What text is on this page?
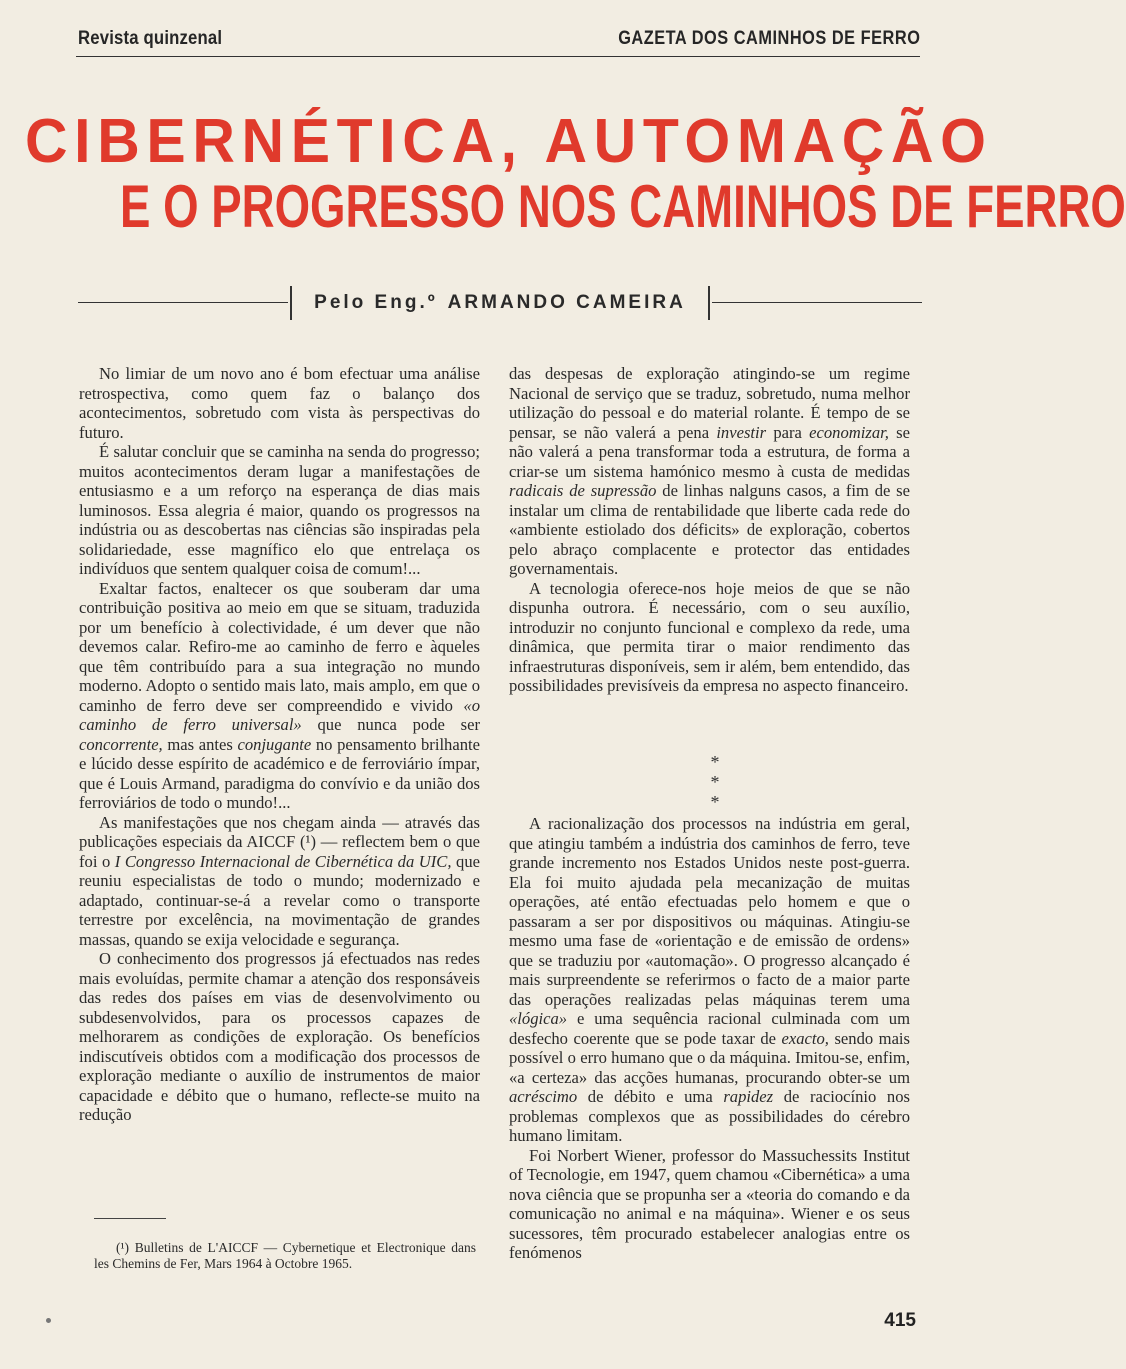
Revista quinzenal	GAZETA DOS CAMINHOS DE FERRO
CIBERNÉTICA, AUTOMAÇÃO
E O PROGRESSO NOS CAMINHOS DE FERRO
Pelo Eng.º ARMANDO CAMEIRA

No limiar de um novo ano é bom efectuar uma análise retrospectiva, como quem faz o balanço dos acontecimentos, sobretudo com vista às perspectivas do futuro.

É salutar concluir que se caminha na senda do progresso; muitos acontecimentos deram lugar a manifestações de entusiasmo e a um reforço na esperança de dias mais luminosos. Essa alegria é maior, quando os progressos na indústria ou as descobertas nas ciências são inspiradas pela solidariedade, esse magnífico elo que entrelaça os indivíduos que sentem qualquer coisa de comum!...

Exaltar factos, enaltecer os que souberam dar uma contribuição positiva ao meio em que se situam, traduzida por um benefício à colectividade, é um dever que não devemos calar. Refiro-me ao caminho de ferro e àqueles que têm contribuído para a sua integração no mundo moderno. Adopto o sentido mais lato, mais amplo, em que o caminho de ferro deve ser compreendido e vivido «o caminho de ferro universal» que nunca pode ser concorrente, mas antes conjugante no pensamento brilhante e lúcido desse espírito de académico e de ferroviário ímpar, que é Louis Armand, paradigma do convívio e da união dos ferroviários de todo o mundo!...

As manifestações que nos chegam ainda — através das publicações especiais da AICCF (¹) — reflectem bem o que foi o I Congresso Internacional de Cibernética da UIC, que reuniu especialistas de todo o mundo; modernizado e adaptado, continuar-se-á a revelar como o transporte terrestre por excelência, na movimentação de grandes massas, quando se exija velocidade e segurança.

O conhecimento dos progressos já efectuados nas redes mais evoluídas, permite chamar a atenção dos responsáveis das redes dos países em vias de desenvolvimento ou subdesenvolvidos, para os processos capazes de melhorarem as condições de exploração. Os benefícios indiscutíveis obtidos com a modificação dos processos de exploração mediante o auxílio de instrumentos de maior capacidade e débito que o humano, reflecte-se muito na redução

das despesas de exploração atingindo-se um regime Nacional de serviço que se traduz, sobretudo, numa melhor utilização do pessoal e do material rolante. É tempo de se pensar, se não valerá a pena investir para economizar, se não valerá a pena transformar toda a estrutura, de forma a criar-se um sistema hamónico mesmo à custa de medidas radicais de supressão de linhas nalguns casos, a fim de se instalar um clima de rentabilidade que liberte cada rede do «ambiente estiolado dos déficits» de exploração, cobertos pelo abraço complacente e protector das entidades governamentais.

A tecnologia oferece-nos hoje meios de que se não dispunha outrora. É necessário, com o seu auxílio, introduzir no conjunto funcional e complexo da rede, uma dinâmica, que permita tirar o maior rendimento das infraestruturas disponíveis, sem ir além, bem entendido, das possibilidades previsíveis da empresa no aspecto financeiro.

*
* *

A racionalização dos processos na indústria em geral, que atingiu também a indústria dos caminhos de ferro, teve grande incremento nos Estados Unidos neste post-guerra. Ela foi muito ajudada pela mecanização de muitas operações, até então efectuadas pelo homem e que o passaram a ser por dispositivos ou máquinas. Atingiu-se mesmo uma fase de «orientação e de emissão de ordens» que se traduziu por «automação». O progresso alcançado é mais surpreendente se referirmos o facto de a maior parte das operações realizadas pelas máquinas terem uma «lógica» e uma sequência racional culminada com um desfecho coerente que se pode taxar de exacto, sendo mais possível o erro humano que o da máquina. Imitou-se, enfim, «a certeza» das acções humanas, procurando obter-se um acréscimo de débito e uma rapidez de raciocínio nos problemas complexos que as possibilidades do cérebro humano limitam.

Foi Norbert Wiener, professor do Massuchessits Institut of Tecnologie, em 1947, quem chamou «Cibernética» a uma nova ciência que se propunha ser a «teoria do comando e da comunicação no animal e na máquina». Wiener e os seus sucessores, têm procurado estabelecer analogias entre os fenómenos

(¹) Bulletins de L'AICCF — Cybernetique et Electronique dans les Chemins de Fer, Mars 1964 à Octobre 1965.
415
